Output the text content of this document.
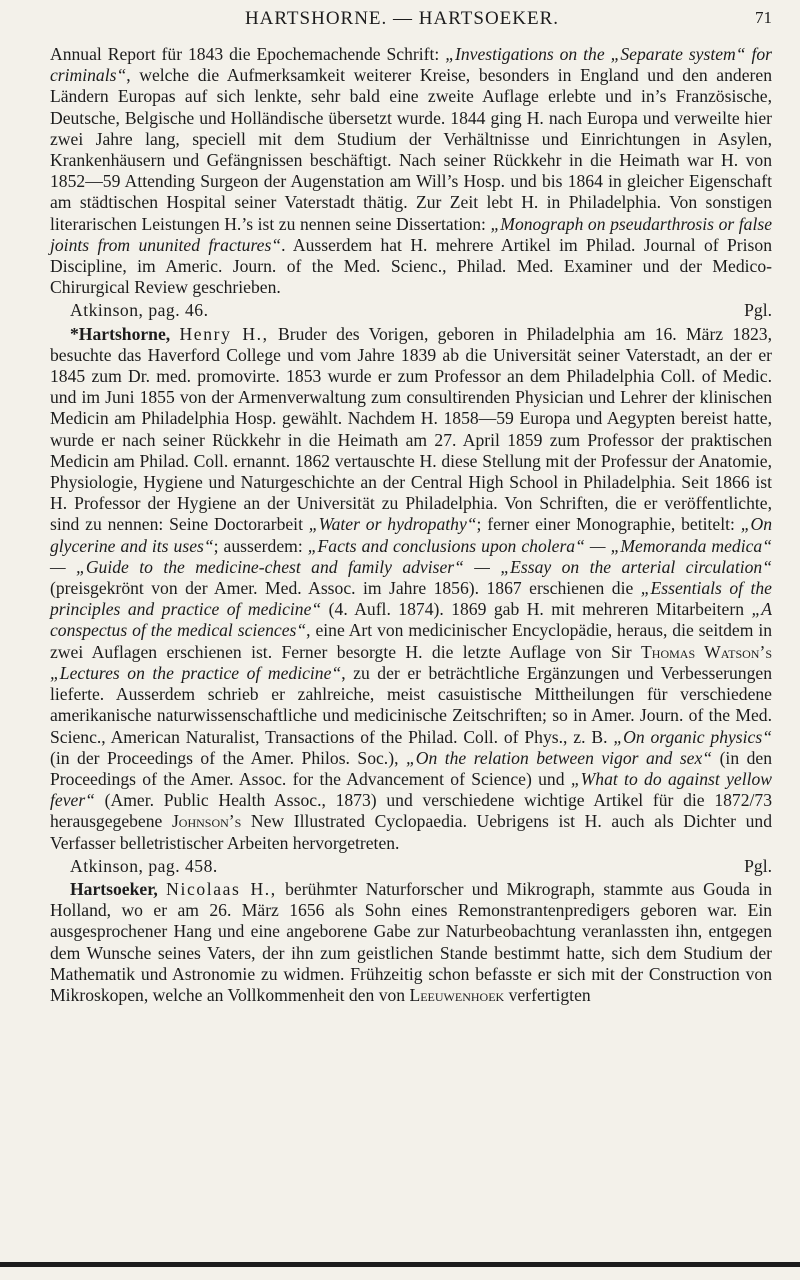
HARTSHORNE. — HARTSOEKER.	71

Annual Report für 1843 die Epochemachende Schrift: „Investigations on the „Separate system“ for criminals“, welche die Aufmerksamkeit weiterer Kreise, besonders in England und den anderen Ländern Europas auf sich lenkte, sehr bald eine zweite Auflage erlebte und in’s Französische, Deutsche, Belgische und Holländische übersetzt wurde. 1844 ging H. nach Europa und verweilte hier zwei Jahre lang, speciell mit dem Studium der Verhältnisse und Einrichtungen in Asylen, Krankenhäusern und Gefängnissen beschäftigt. Nach seiner Rückkehr in die Heimath war H. von 1852—59 Attending Surgeon der Augenstation am Will’s Hosp. und bis 1864 in gleicher Eigenschaft am städtischen Hospital seiner Vaterstadt thätig. Zur Zeit lebt H. in Philadelphia. Von sonstigen literarischen Leistungen H.’s ist zu nennen seine Dissertation: „Monograph on pseudarthrosis or false joints from ununited fractures“. Ausserdem hat H. mehrere Artikel im Philad. Journal of Prison Discipline, im Americ. Journ. of the Med. Scienc., Philad. Med. Examiner und der Medico-Chirurgical Review geschrieben.

Atkinson, pag. 46.	Pgl.

*Hartshorne, Henry H., Bruder des Vorigen, geboren in Philadelphia am 16. März 1823, besuchte das Haverford College und vom Jahre 1839 ab die Universität seiner Vaterstadt, an der er 1845 zum Dr. med. promovirte. 1853 wurde er zum Professor an dem Philadelphia Coll. of Medic. und im Juni 1855 von der Armenverwaltung zum consultirenden Physician und Lehrer der klinischen Medicin am Philadelphia Hosp. gewählt. Nachdem H. 1858—59 Europa und Aegypten bereist hatte, wurde er nach seiner Rückkehr in die Heimath am 27. April 1859 zum Professor der praktischen Medicin am Philad. Coll. ernannt. 1862 vertauschte H. diese Stellung mit der Professur der Anatomie, Physiologie, Hygiene und Naturgeschichte an der Central High School in Philadelphia. Seit 1866 ist H. Professor der Hygiene an der Universität zu Philadelphia. Von Schriften, die er veröffentlichte, sind zu nennen: Seine Doctorarbeit „Water or hydropathy“; ferner einer Monographie, betitelt: „On glycerine and its uses“; ausserdem: „Facts and conclusions upon cholera“ — „Memoranda medica“ — „Guide to the medicine-chest and family adviser“ — „Essay on the arterial circulation“ (preisgekrönt von der Amer. Med. Assoc. im Jahre 1856). 1867 erschienen die „Essentials of the principles and practice of medicine“ (4. Aufl. 1874). 1869 gab H. mit mehreren Mitarbeitern „A conspectus of the medical sciences“, eine Art von medicinischer Encyclopädie, heraus, die seitdem in zwei Auflagen erschienen ist. Ferner besorgte H. die letzte Auflage von Sir Thomas Watson’s „Lectures on the practice of medicine“, zu der er beträchtliche Ergänzungen und Verbesserungen lieferte. Ausserdem schrieb er zahlreiche, meist casuistische Mittheilungen für verschiedene amerikanische naturwissenschaftliche und medicinische Zeitschriften; so in Amer. Journ. of the Med. Scienc., American Naturalist, Transactions of the Philad. Coll. of Phys., z. B. „On organic physics“ (in der Proceedings of the Amer. Philos. Soc.), „On the relation between vigor and sex“ (in den Proceedings of the Amer. Assoc. for the Advancement of Science) und „What to do against yellow fever“ (Amer. Public Health Assoc., 1873) und verschiedene wichtige Artikel für die 1872/73 herausgegebene Johnson’s New Illustrated Cyclopaedia. Uebrigens ist H. auch als Dichter und Verfasser belletristischer Arbeiten hervorgetreten.

Atkinson, pag. 458.	Pgl.

Hartsoeker, Nicolaas H., berühmter Naturforscher und Mikrograph, stammte aus Gouda in Holland, wo er am 26. März 1656 als Sohn eines Remonstrantenpredigers geboren war. Ein ausgesprochener Hang und eine angeborene Gabe zur Naturbeobachtung veranlassten ihn, entgegen dem Wunsche seines Vaters, der ihn zum geistlichen Stande bestimmt hatte, sich dem Studium der Mathematik und Astronomie zu widmen. Frühzeitig schon befasste er sich mit der Construction von Mikroskopen, welche an Vollkommenheit den von Leeuwenhoek verfertigten
